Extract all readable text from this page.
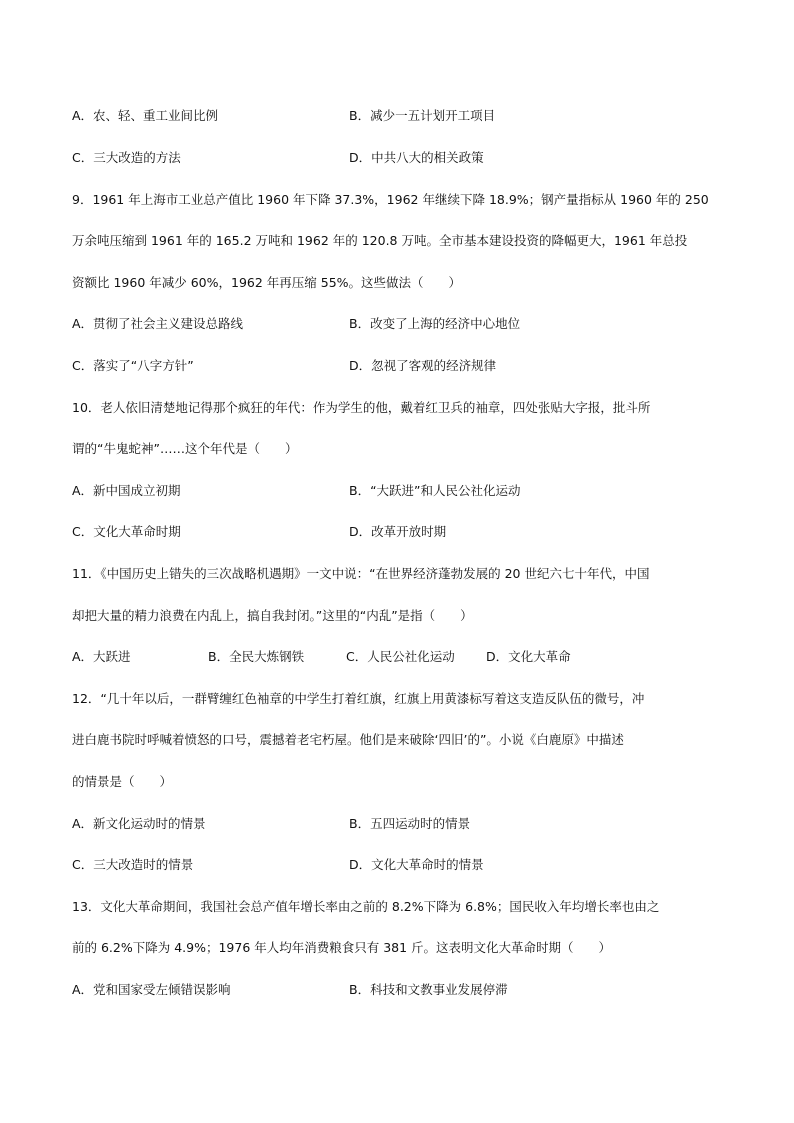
A．农、轻、重工业间比例	B．减少一五计划开工项目
C．三大改造的方法	D．中共八大的相关政策
9．1961 年上海市工业总产值比 1960 年下降 37.3%，1962 年继续下降 18.9%；钢产量指标从 1960 年的 250
万余吨压缩到 1961 年的 165.2 万吨和 1962 年的 120.8 万吨。全市基本建设投资的降幅更大，1961 年总投
资额比 1960 年减少 60%，1962 年再压缩 55%。这些做法（　　）
A．贯彻了社会主义建设总路线	B．改变了上海的经济中心地位
C．落实了“八字方针”	D．忽视了客观的经济规律
10．老人依旧清楚地记得那个疯狂的年代：作为学生的他，戴着红卫兵的袖章，四处张贴大字报，批斗所
谓的“牛鬼蛇神”……这个年代是（　　）
A．新中国成立初期	B．“大跃进”和人民公社化运动
C．文化大革命时期	D．改革开放时期
11．《中国历史上错失的三次战略机遇期》一文中说：“在世界经济蓬勃发展的 20 世纪六七十年代，中国
却把大量的精力浪费在内乱上，搞自我封闭。”这里的“内乱”是指（　　）
A．大跃进	B．全民大炼钢铁	C．人民公社化运动	D．文化大革命
12．“几十年以后，一群臂缠红色袖章的中学生打着红旗，红旗上用黄漆标写着这支造反队伍的微号，冲
进白鹿书院时呼喊着愤怒的口号，震撼着老宅朽屋。他们是来破除‘四旧’的”。小说《白鹿原》中描述
的情景是（　　）
A．新文化运动时的情景	B．五四运动时的情景
C．三大改造时的情景	D．文化大革命时的情景
13．文化大革命期间，我国社会总产值年增长率由之前的 8.2%下降为 6.8%；国民收入年均增长率也由之
前的 6.2%下降为 4.9%；1976 年人均年消费粮食只有 381 斤。这表明文化大革命时期（　　）
A．党和国家受左倾错误影响	B．科技和文教事业发展停滞
